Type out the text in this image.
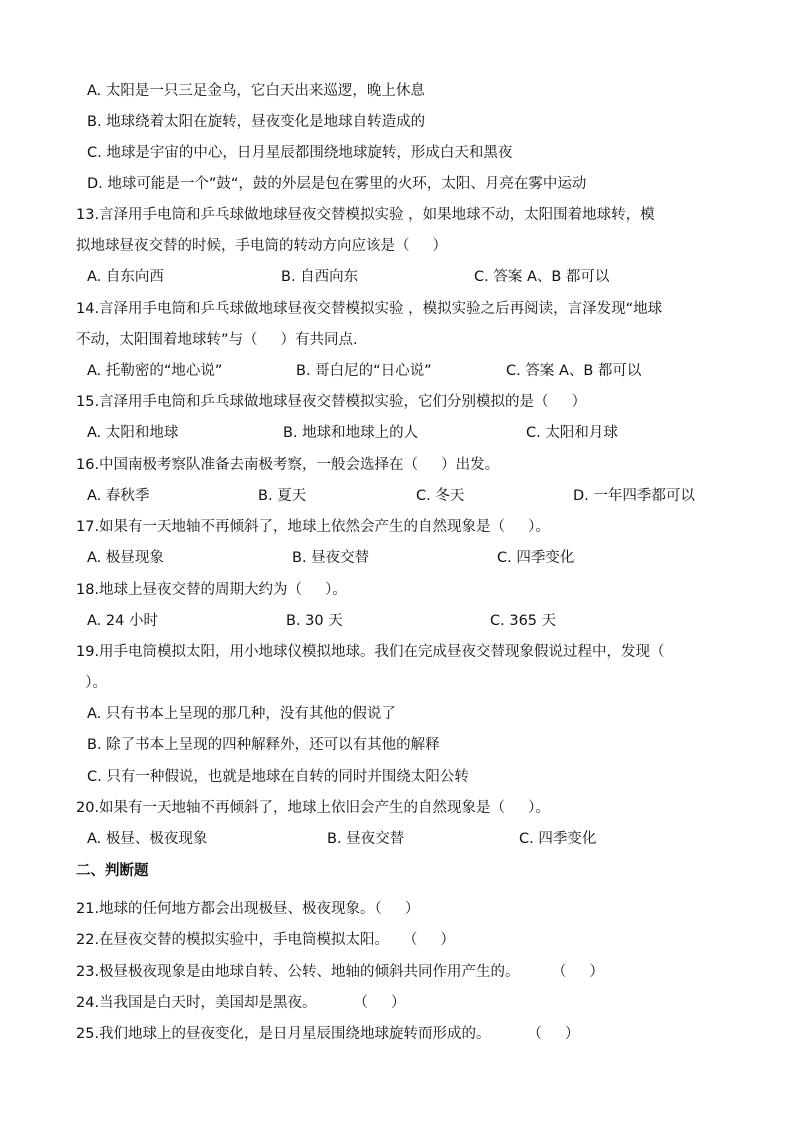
A. 太阳是一只三足金乌，它白天出来巡逻，晚上休息
B. 地球绕着太阳在旋转，昼夜变化是地球自转造成的
C. 地球是宇宙的中心，日月星辰都围绕地球旋转，形成白天和黑夜
D. 地球可能是一个”鼓“，鼓的外层是包在雾里的火环，太阳、月亮在雾中运动
13.言泽用手电筒和乒乓球做地球昼夜交替模拟实验 ，如果地球不动，太阳围着地球转，模
拟地球昼夜交替的时候，手电筒的转动方向应该是（     ）
A. 自东向西	B. 自西向东	C. 答案 A、B 都可以
14.言泽用手电筒和乒乓球做地球昼夜交替模拟实验 ，模拟实验之后再阅读，言泽发现“地球
不动，太阳围着地球转”与（     ）有共同点.
A. 托勒密的“地心说”	B. 哥白尼的“日心说”	C. 答案 A、B 都可以
15.言泽用手电筒和乒乓球做地球昼夜交替模拟实验，它们分别模拟的是（     ）
A. 太阳和地球	B. 地球和地球上的人	C. 太阳和月球
16.中国南极考察队准备去南极考察，一般会选择在（     ）出发。
A. 春秋季	B. 夏天	C. 冬天	D. 一年四季都可以
17.如果有一天地轴不再倾斜了，地球上依然会产生的自然现象是（     ）。
A. 极昼现象	B. 昼夜交替	C. 四季变化
18.地球上昼夜交替的周期大约为（     ）。
A. 24 小时	B. 30 天	C. 365 天
19.用手电筒模拟太阳，用小地球仪模拟地球。我们在完成昼夜交替现象假说过程中，发现（
）。
A. 只有书本上呈现的那几种，没有其他的假说了
B. 除了书本上呈现的四种解释外，还可以有其他的解释
C. 只有一种假说，也就是地球在自转的同时并围绕太阳公转
20.如果有一天地轴不再倾斜了，地球上依旧会产生的自然现象是（     ）。
A. 极昼、极夜现象	B. 昼夜交替	C. 四季变化
二、判断题
21.地球的任何地方都会出现极昼、极夜现象。（     ）
22.在昼夜交替的模拟实验中，手电筒模拟太阳。   （     ）
23.极昼极夜现象是由地球自转、公转、地轴的倾斜共同作用产生的。       （     ）
24.当我国是白天时，美国却是黑夜。        （     ）
25.我们地球上的昼夜变化，是日月星辰围绕地球旋转而形成的。        （     ）
